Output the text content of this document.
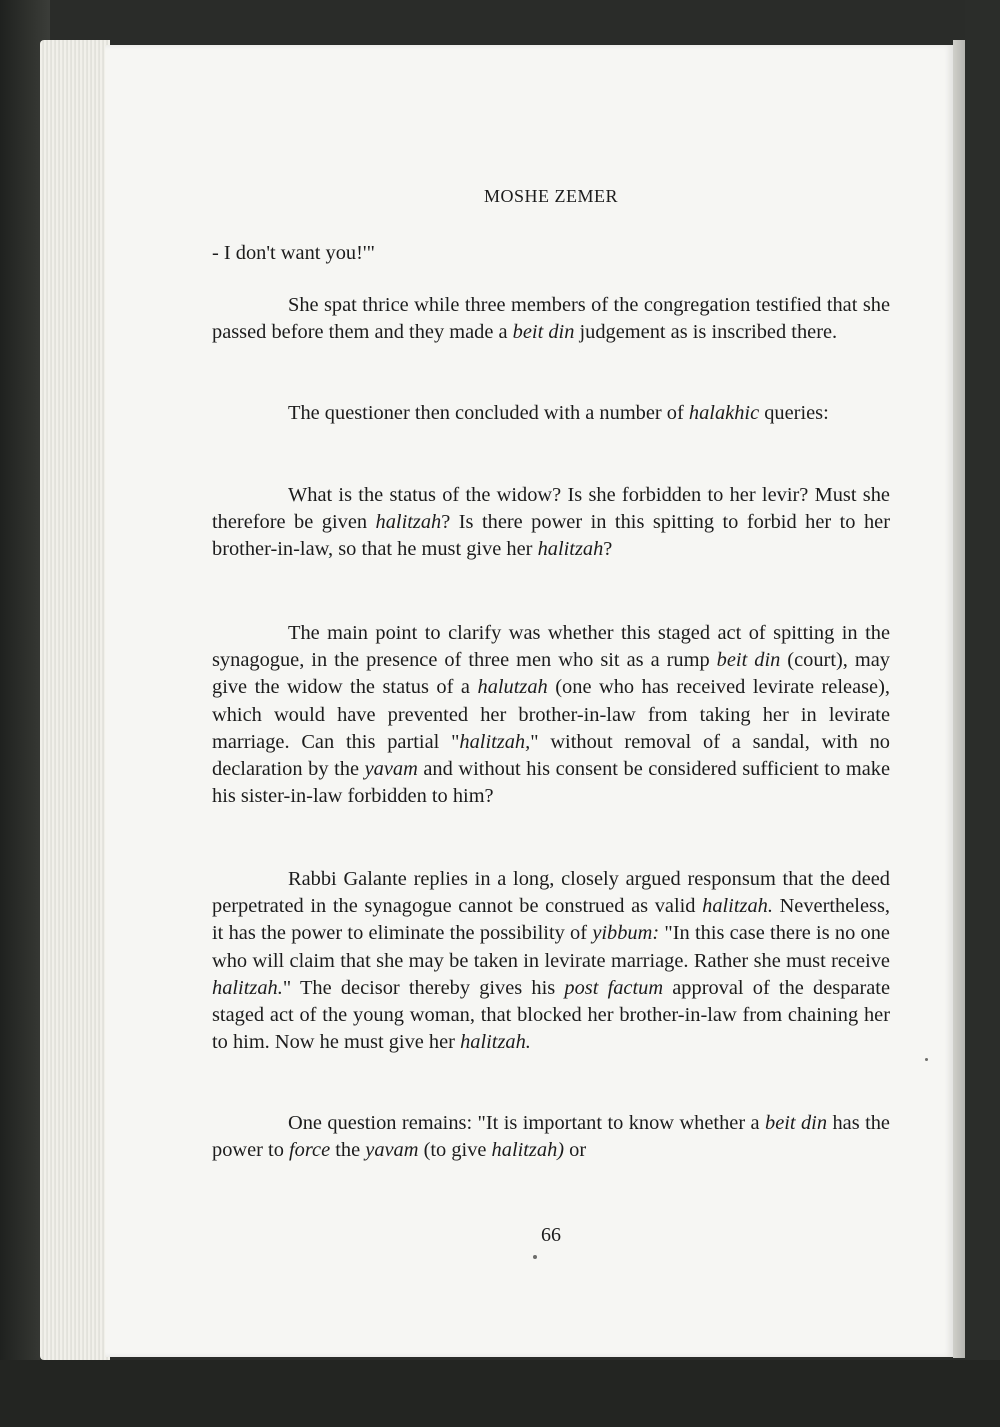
MOSHE ZEMER
- I don't want you!'"
She spat thrice while three members of the congregation testified that she passed before them and they made a beit din judgement as is inscribed there.
The questioner then concluded with a number of halakhic queries:
What is the status of the widow? Is she forbidden to her levir? Must she therefore be given halitzah? Is there power in this spitting to forbid her to her brother-in-law, so that he must give her halitzah?
The main point to clarify was whether this staged act of spitting in the synagogue, in the presence of three men who sit as a rump beit din (court), may give the widow the status of a halutzah (one who has received levirate release), which would have prevented her brother-in-law from taking her in levirate marriage. Can this partial "halitzah," without removal of a sandal, with no declaration by the yavam and without his consent be considered sufficient to make his sister-in-law forbidden to him?
Rabbi Galante replies in a long, closely argued responsum that the deed perpetrated in the synagogue cannot be construed as valid halitzah. Nevertheless, it has the power to eliminate the possibility of yibbum: "In this case there is no one who will claim that she may be taken in levirate marriage. Rather she must receive halitzah." The decisor thereby gives his post factum approval of the desparate staged act of the young woman, that blocked her brother-in-law from chaining her to him. Now he must give her halitzah.
One question remains: "It is important to know whether a beit din has the power to force the yavam (to give halitzah) or
66
